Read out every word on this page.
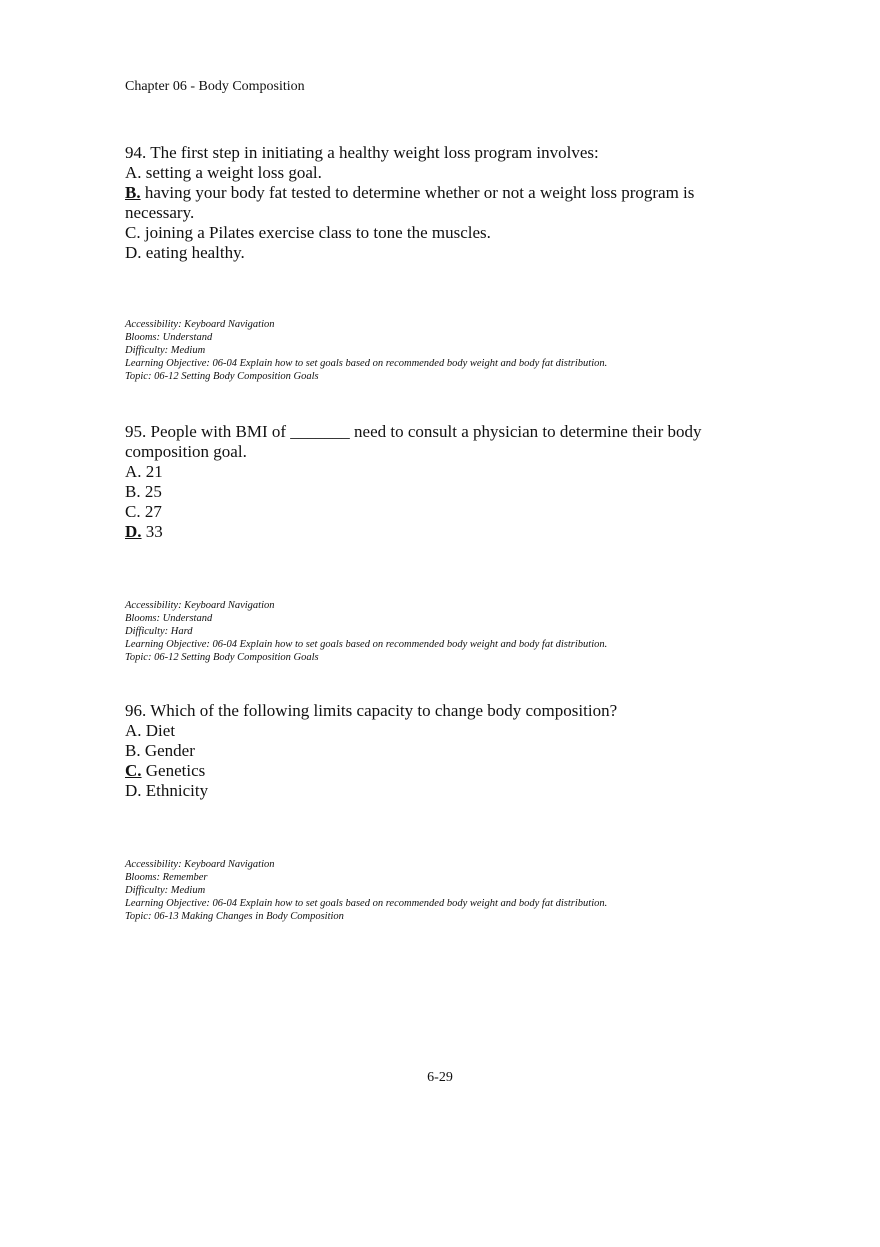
Chapter 06 - Body Composition

94. The first step in initiating a healthy weight loss program involves:

A. setting a weight loss goal.

B. having your body fat tested to determine whether or not a weight loss program is necessary.

C. joining a Pilates exercise class to tone the muscles.

D. eating healthy.

Accessibility: Keyboard Navigation
Blooms: Understand
Difficulty: Medium
Learning Objective: 06-04 Explain how to set goals based on recommended body weight and body fat distribution.
Topic: 06-12 Setting Body Composition Goals

95. People with BMI of _______ need to consult a physician to determine their body composition goal.

A. 21

B. 25

C. 27

D. 33

Accessibility: Keyboard Navigation
Blooms: Understand
Difficulty: Hard
Learning Objective: 06-04 Explain how to set goals based on recommended body weight and body fat distribution.
Topic: 06-12 Setting Body Composition Goals

96. Which of the following limits capacity to change body composition?

A. Diet

B. Gender

C. Genetics

D. Ethnicity

Accessibility: Keyboard Navigation
Blooms: Remember
Difficulty: Medium
Learning Objective: 06-04 Explain how to set goals based on recommended body weight and body fat distribution.
Topic: 06-13 Making Changes in Body Composition
6-29
